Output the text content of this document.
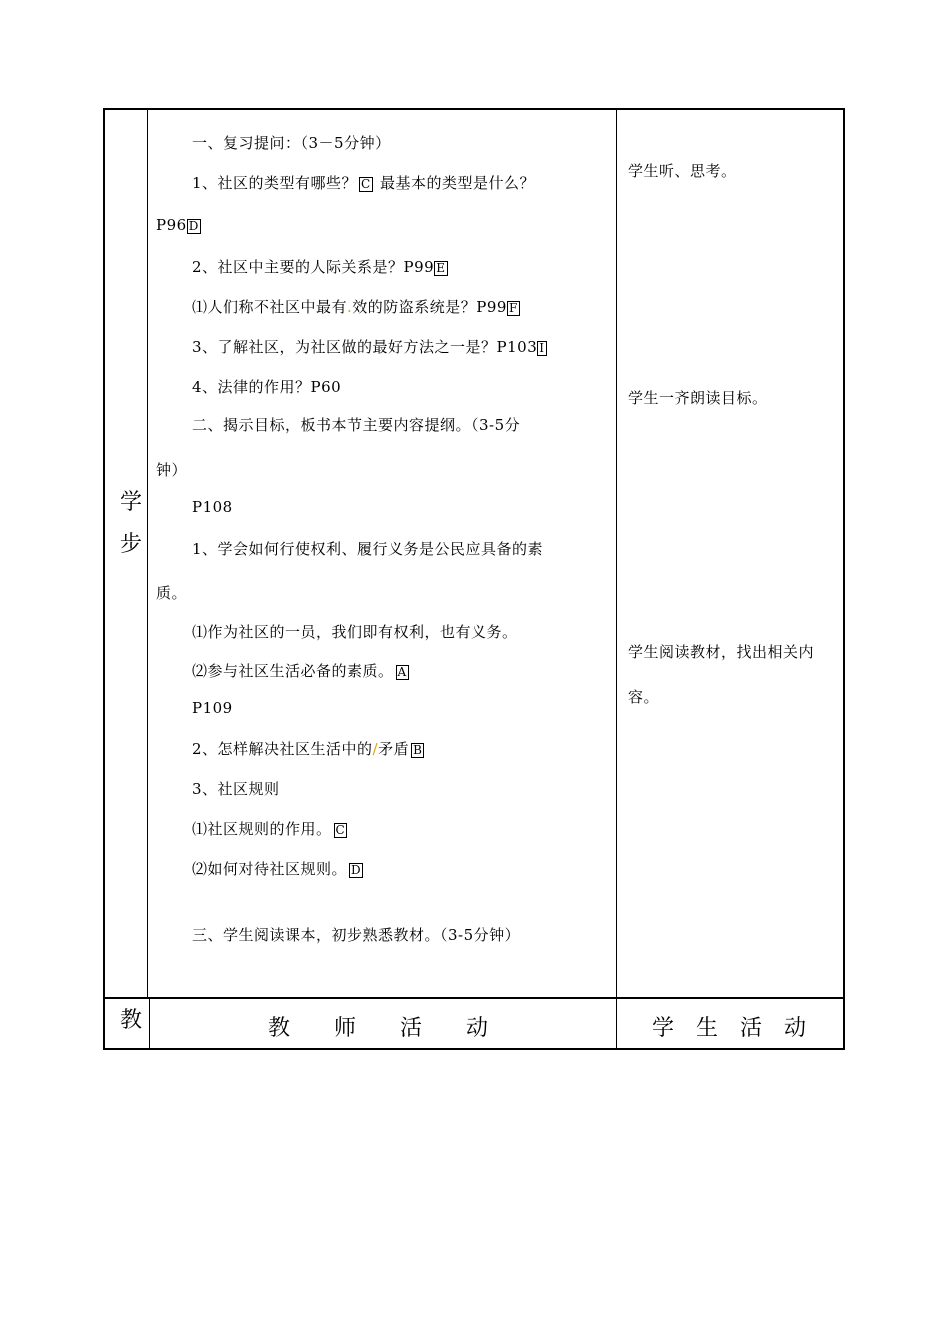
学
步
一、复习提问：（3－5分钟）
1、社区的类型有哪些？ C 最基本的类型是什么？
P96 D
2、社区中主要的人际关系是？P99 E
⑴人们称不社区中最有.效的防盗系统是？P99 F
3、了解社区，为社区做的最好方法之一是？P103 I
4、法律的作用？P60
二、揭示目标，板书本节主要内容提纲。（3-5分
钟）
P108
1、学会如何行使权利、履行义务是公民应具备的素
质。
⑴作为社区的一员，我们即有权利，也有义务。
⑵参与社区生活必备的素质。 A
P109
2、怎样解决社区生活中的/矛盾 B
3、社区规则
⑴社区规则的作用。 C
⑵如何对待社区规则。 D
三、学生阅读课本，初步熟悉教材。（3-5分钟）
学生听、思考。
学生一齐朗读目标。
学生阅读教材，找出相关内
容。
教	教　　师　　活　　动	学　生　活　动
